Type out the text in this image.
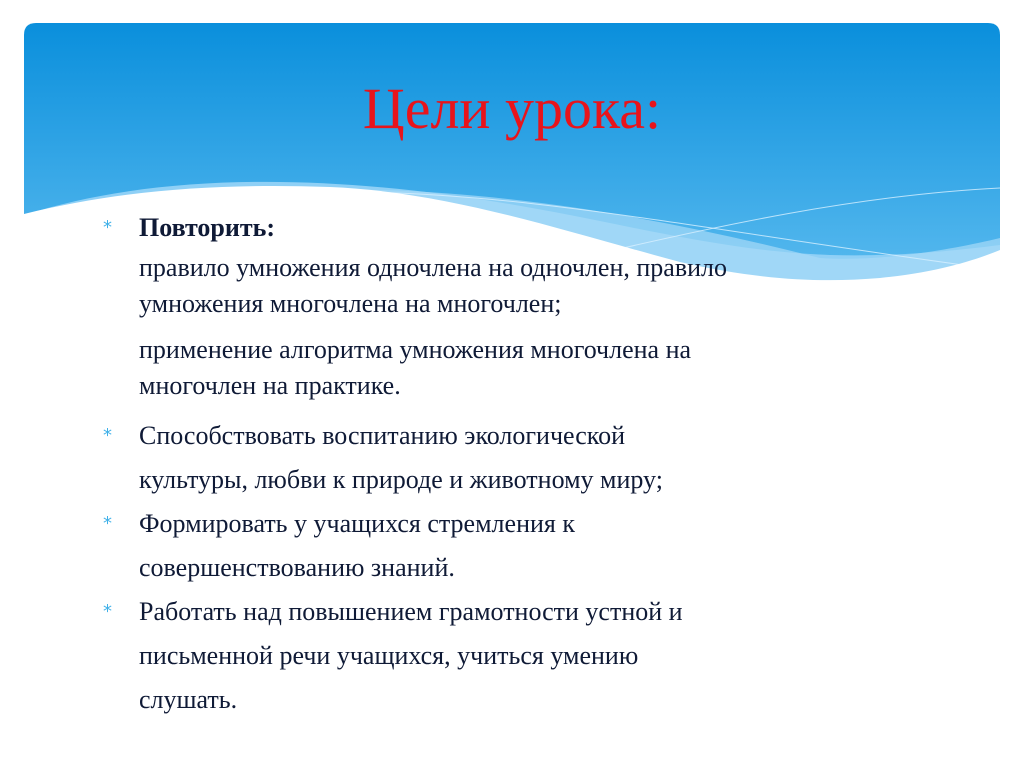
Цели урока:
*	Повторить:
правило умножения одночлена на одночлен, правило
умножения многочлена на многочлен;
применение алгоритма умножения многочлена на
многочлен на практике.
*	Способствовать воспитанию экологической
культуры, любви к природе и животному миру;
*	Формировать у учащихся стремления к
совершенствованию знаний.
*	Работать над повышением грамотности устной и
письменной речи учащихся, учиться умению
слушать.
